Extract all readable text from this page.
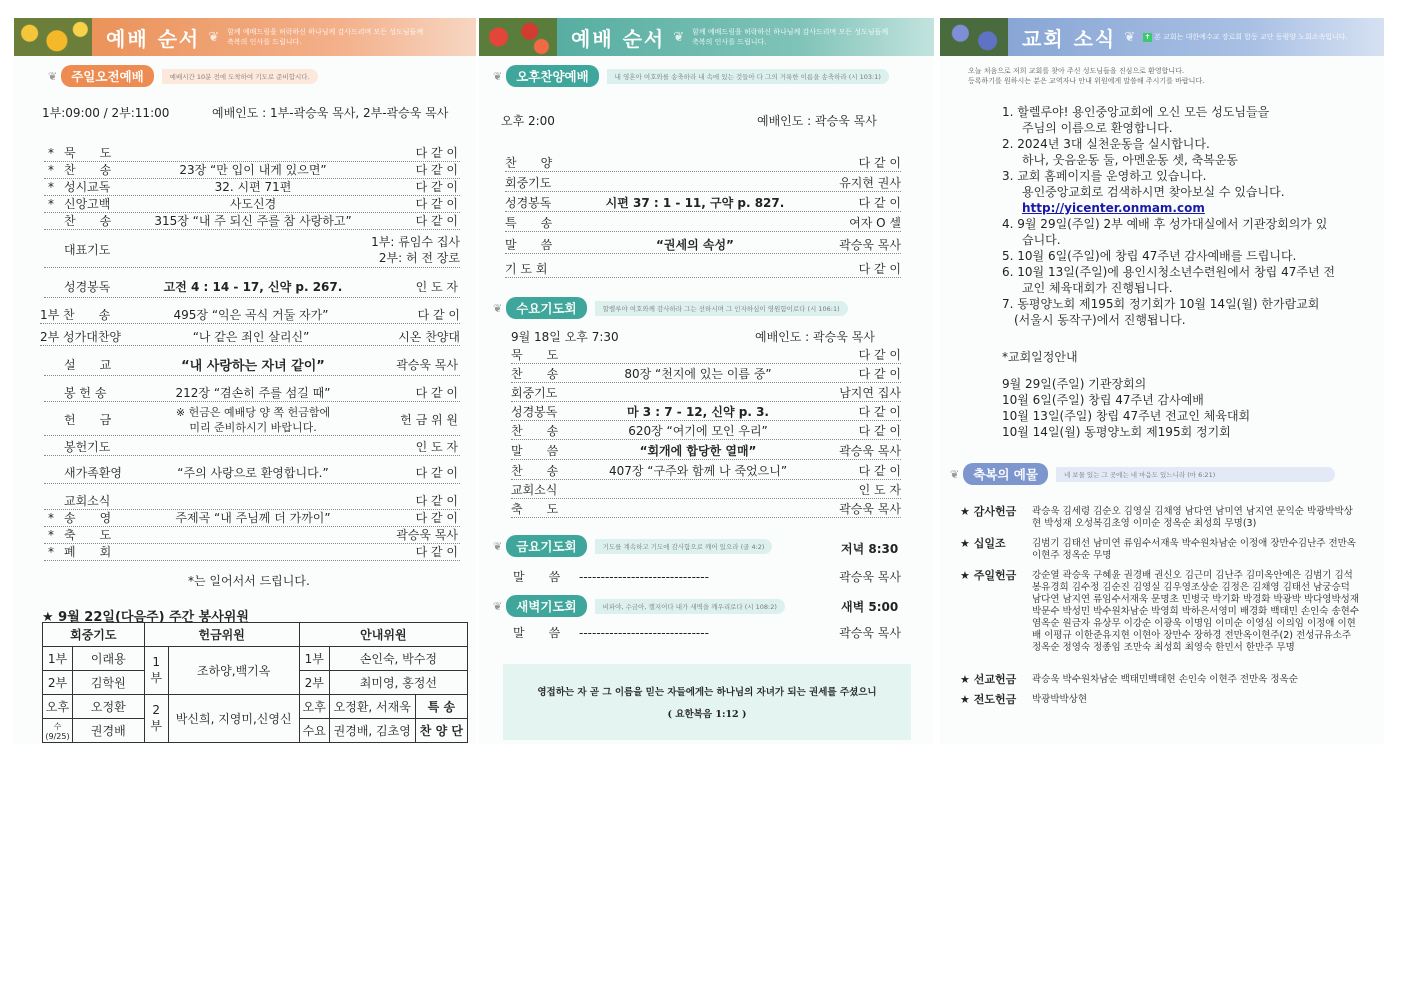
예배 순서 ❦ 함께 예배드림을 허락하신 하나님께 감사드리며 모든 성도님들께 축복의 인사를 드립니다.
❦	주일오전예배	예배시간 10분 전에 도착하여 기도로 준비합시다.
1부:09:00 / 2부:11:00	예배인도 : 1부-곽승욱 목사, 2부-곽승욱 목사
* 묵　　도	다 같 이
* 찬　　송	23장 “만 입이 내게 있으면”	다 같 이
* 성시교독	32. 시편 71편	다 같 이
* 신앙고백	사도신경	다 같 이
찬　　송	315장 “내 주 되신 주를 참 사랑하고”	다 같 이
대표기도
1부: 류임수 집사
2부: 허 전 장로
성경봉독	고전 4 : 14 - 17, 신약 p. 267.	인 도 자
1부 찬　　송	495장 “익은 곡식 거둘 자가”	다 같 이
2부 성가대찬양	“나 같은 죄인 살리신”	시온 찬양대
설　　교	“내 사랑하는 자녀 같이”	곽승욱 목사
봉 헌 송	212장 “겸손히 주를 섬길 때”	다 같 이
헌　　금
※ 헌금은 예배당 양 쪽 헌금함에
미리 준비하시기 바랍니다.	헌 금 위 원
봉헌기도	인 도 자
새가족환영	“주의 사랑으로 환영합니다.”	다 같 이
교회소식	다 같 이
* 송　　영	주제곡 “내 주님께 더 가까이”	다 같 이
* 축　　도	곽승욱 목사
* 폐　　회	다 같 이
*는 일어서서 드립니다.
★ 9월 22일(다음주) 주간 봉사위원
회중기도		헌금위원		안내위원		
1부	이래용	1부	조하양,백기옥	1부	손인숙, 박수정	
2부	김학원			2부	최미영, 홍정선	
오후	오정환	2부	박신희, 지영미,신영신	오후	오정환, 서재욱	특 송
수(9/25)	권경배			수요	권경배, 김초영	찬 양 단
예배 순서 ❦ 함께 예배드림을 허락하신 하나님께 감사드리며 모든 성도님들께 축복의 인사를 드립니다.
❦	오후찬양예배	내 영혼아 여호와를 송축하라 내 속에 있는 것들아 다 그의 거룩한 이름을 송축하라 (시 103:1)
오후 2:00	예배인도 : 곽승욱 목사
찬　　양	다 같 이
회중기도	유지현 권사
성경봉독	시편 37 : 1 - 11, 구약 p. 827.	다 같 이
특　　송	여자 O 셀
말　　씀	“권세의 속성”	곽승욱 목사
기 도 회	다 같 이
❦	수요기도회	할렐루야 여호와께 감사하라 그는 선하시며 그 인자하심이 영원함이로다 (시 106:1)
9월 18일 오후 7:30	예배인도 : 곽승욱 목사
묵　　도	다 같 이
찬　　송	80장 “천지에 있는 이름 중”	다 같 이
회중기도	남지연 집사
성경봉독	마 3 : 7 - 12, 신약 p. 3.	다 같 이
찬　　송	620장 “여기에 모인 우리”	다 같 이
말　　씀	“회개에 합당한 열매”	곽승욱 목사
찬　　송	407장 “구주와 함께 나 죽었으니”	다 같 이
교회소식	인 도 자
축　　도	곽승욱 목사
❦	금요기도회	기도를 계속하고 기도에 감사함으로 깨어 있으라 (골 4:2)	저녁 8:30
말　　씀	------------------------------	곽승욱 목사
❦	새벽기도회	비파야, 수금아, 깰지어다 내가 새벽을 깨우리로다 (시 108:2)	새벽 5:00
말　　씀	------------------------------	곽승욱 목사
영접하는 자 곧 그 이름을 믿는 자들에게는 하나님의 자녀가 되는 권세를 주셨으니
( 요한복음 1:12 )
교회 소식 ❦ ✝ 본 교회는 대한예수교 장로회 합동 교단 동평양 노회소속입니다.
오늘 처음으로 저희 교회를 찾아 주신 성도님들을 진심으로 환영합니다.
등록하기를 원하시는 분은 교역자나 안내 위원에게 말씀해 주시기를 바랍니다.
1. 할렐루야! 용인중앙교회에 오신 모든 성도님들을
주님의 이름으로 환영합니다.
2. 2024년 3대 실천운동을 실시합니다.
하나, 웃음운동 둘, 아멘운동 셋, 축복운동
3. 교회 홈페이지를 운영하고 있습니다.
용인중앙교회로 검색하시면 찾아보실 수 있습니다.
http://yicenter.onmam.com
4. 9월 29일(주일) 2부 예배 후 성가대실에서 기관장회의가 있
습니다.
5. 10월 6일(주일)에 창립 47주년 감사예배를 드립니다.
6. 10월 13일(주일)에 용인시청소년수련원에서 창립 47주년 전
교인 체육대회가 진행됩니다.
7. 동평양노회 제195회 정기회가 10월 14일(월) 한가람교회
(서울시 동작구)에서 진행됩니다.
*교회일정안내
9월 29일(주일) 기관장회의
10월 6일(주일) 창립 47주년 감사예배
10월 13일(주일) 창립 47주년 전교인 체육대회
10월 14일(월) 동평양노회 제195회 정기회
❦	축복의 예물	네 보물 있는 그 곳에는 네 마음도 있느니라 (마 6:21)
★ 감사헌금	곽승욱 김세령 김순오 김영실 김채영 남다연 남미연 남지연 문익순 박광박박상현 박성재 오성복김초영 이미순 정옥순 최성희 무명(3)
★ 십일조	김범기 김태선 남미연 류임수서재욱 박수원차남순 이정애 장만수김난주 전만옥이현주 정옥순 무명
★ 주일헌금	강순열 곽승욱 구혜윤 권경배 권신오 김근미 김난주 김미옥안예은 김범기 김석봉유경희 김수정 김순진 김영실 김우영조상순 김정은 김채영 김태선 남궁승덕 남다연 남지연 류임수서재욱 문명초 민병국 박기화 박경화 박광박 박다영박성재 박문수 박성민 박수원차남순 박영희 박하은서영미 배경화 백태민 손인숙 송현수 염옥순 원금자 유상무 이강순 이광욱 이명임 이미순 이영심 이의임 이정애 이현배 이평규 이한준유지현 이현아 장만수 장하경 전만옥이현주(2) 전성규유소주 정옥순 정영숙 정종임 조만숙 최성희 최영숙 한민서 한만주 무명
★ 선교헌금	곽승욱 박수원차남순 백태민백태현 손인숙 이현주 전만옥 정옥순
★ 전도헌금	박광박박상현
